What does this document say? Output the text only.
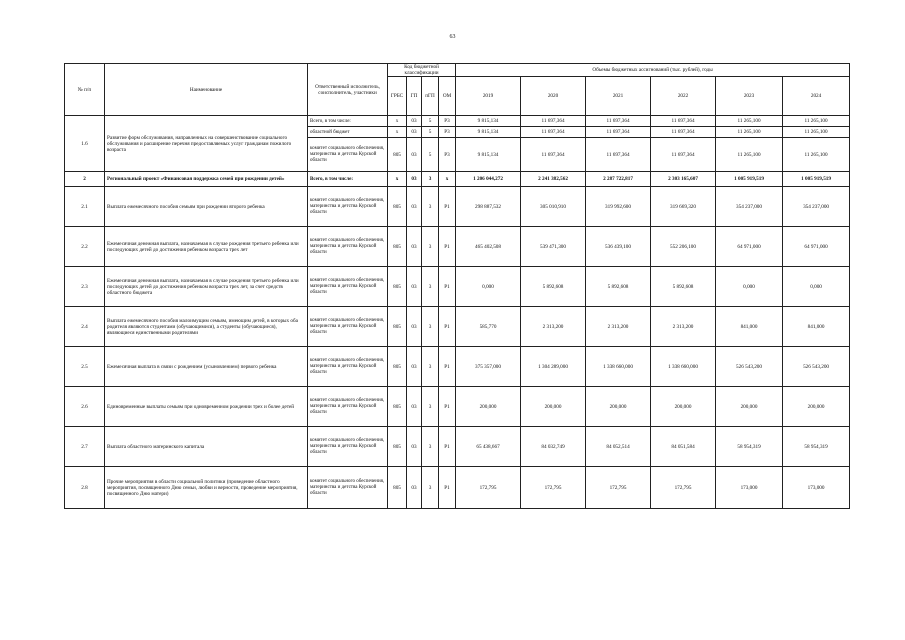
63
№ п/п	Наименование	Ответственный исполнитель, соисполнитель, участники	Код бюджетной классификации				Объемы бюджетных ассигнований (тыс. рублей), годы					
			ГРБС	ГП	пГП	ОМ	2019	2020	2021	2022	2023	2024
1.6	Развитие форм обслуживания, направленных на совершенствование социального обслуживания и расширение перечня предоставляемых услуг гражданам пожилого возраста	Всего, в том числе:	x	03	5	P3	9 815,134	11 697,364	11 697,364	11 697,364	11 265,100	11 265,100
		областной бюджет	x	03	5	P3	9 815,134	11 697,364	11 697,364	11 697,364	11 265,100	11 265,100
		комитет социального обеспечения, материнства и детства Курской области	805	03	5	P3	9 815,134	11 697,364	11 697,364	11 697,364	11 265,100	11 265,100
2	Региональный проект «Финансовая поддержка семей при рождении детей»	Всего, в том числе:	x	03	3	x	1 206 044,272	2 241 382,562	2 287 722,817	2 303 165,607	1 005 919,519	1 005 919,519
2.1	Выплата ежемесячного пособия семьям при рождении второго ребенка	комитет социального обеспечения, материнства и детства Курской области	805	03	3	P1	298 887,532	305 010,910	319 992,600	319 669,320	354 237,000	354 237,000
2.2	Ежемесячная денежная выплата, назначаемая в случае рождения третьего ребенка или последующих детей до достижения ребенком возраста трех лет	комитет социального обеспечения, материнства и детства Курской области	805	03	3	P1	465 402,508	539 471,300	536 439,100	552 206,100	64 971,000	64 971,000
2.3	Ежемесячная денежная выплата, назначаемая в случае рождения третьего ребенка или последующих детей до достижения ребенком возраста трех лет, за счет средств областного бюджета	комитет социального обеспечения, материнства и детства Курской области	805	03	3	P1	0,000	5 892,608	5 892,608	5 892,608	0,000	0,000
2.4	Выплата ежемесячного пособия малоимущим семьям, имеющим детей, в которых оба родителя являются студентами (обучающимися), а студенты (обучающиеся), являющиеся единственными родителями	комитет социального обеспечения, материнства и детства Курской области	805	03	3	P1	585,770	2 313,200	2 313,200	2 313,200	841,000	841,000
2.5	Ежемесячная выплата в связи с рождением (усыновлением) первого ребенка	комитет социального обеспечения, материнства и детства Курской области	805	03	3	P1	375 357,000	1 304 289,000	1 338 660,000	1 338 660,000	526 543,200	526 543,200
2.6	Единовременные выплаты семьям при одновременном рождении трех и более детей	комитет социального обеспечения, материнства и детства Курской области	805	03	3	P1	200,000	200,000	200,000	200,000	200,000	200,000
2.7	Выплата областного материнского капитала	комитет социального обеспечения, материнства и детства Курской области	805	03	3	P1	65 438,667	84 032,749	84 052,514	84 051,584	58 954,319	58 954,319
2.8	Прочие мероприятия в области социальной политики (проведение областного мероприятия, посвященного Дню семьи, любви и верности, проведение мероприятия, посвященного Дню матери)	комитет социального обеспечения, материнства и детства Курской области	805	03	3	P1	172,795	172,795	172,795	172,795	173,000	173,000
